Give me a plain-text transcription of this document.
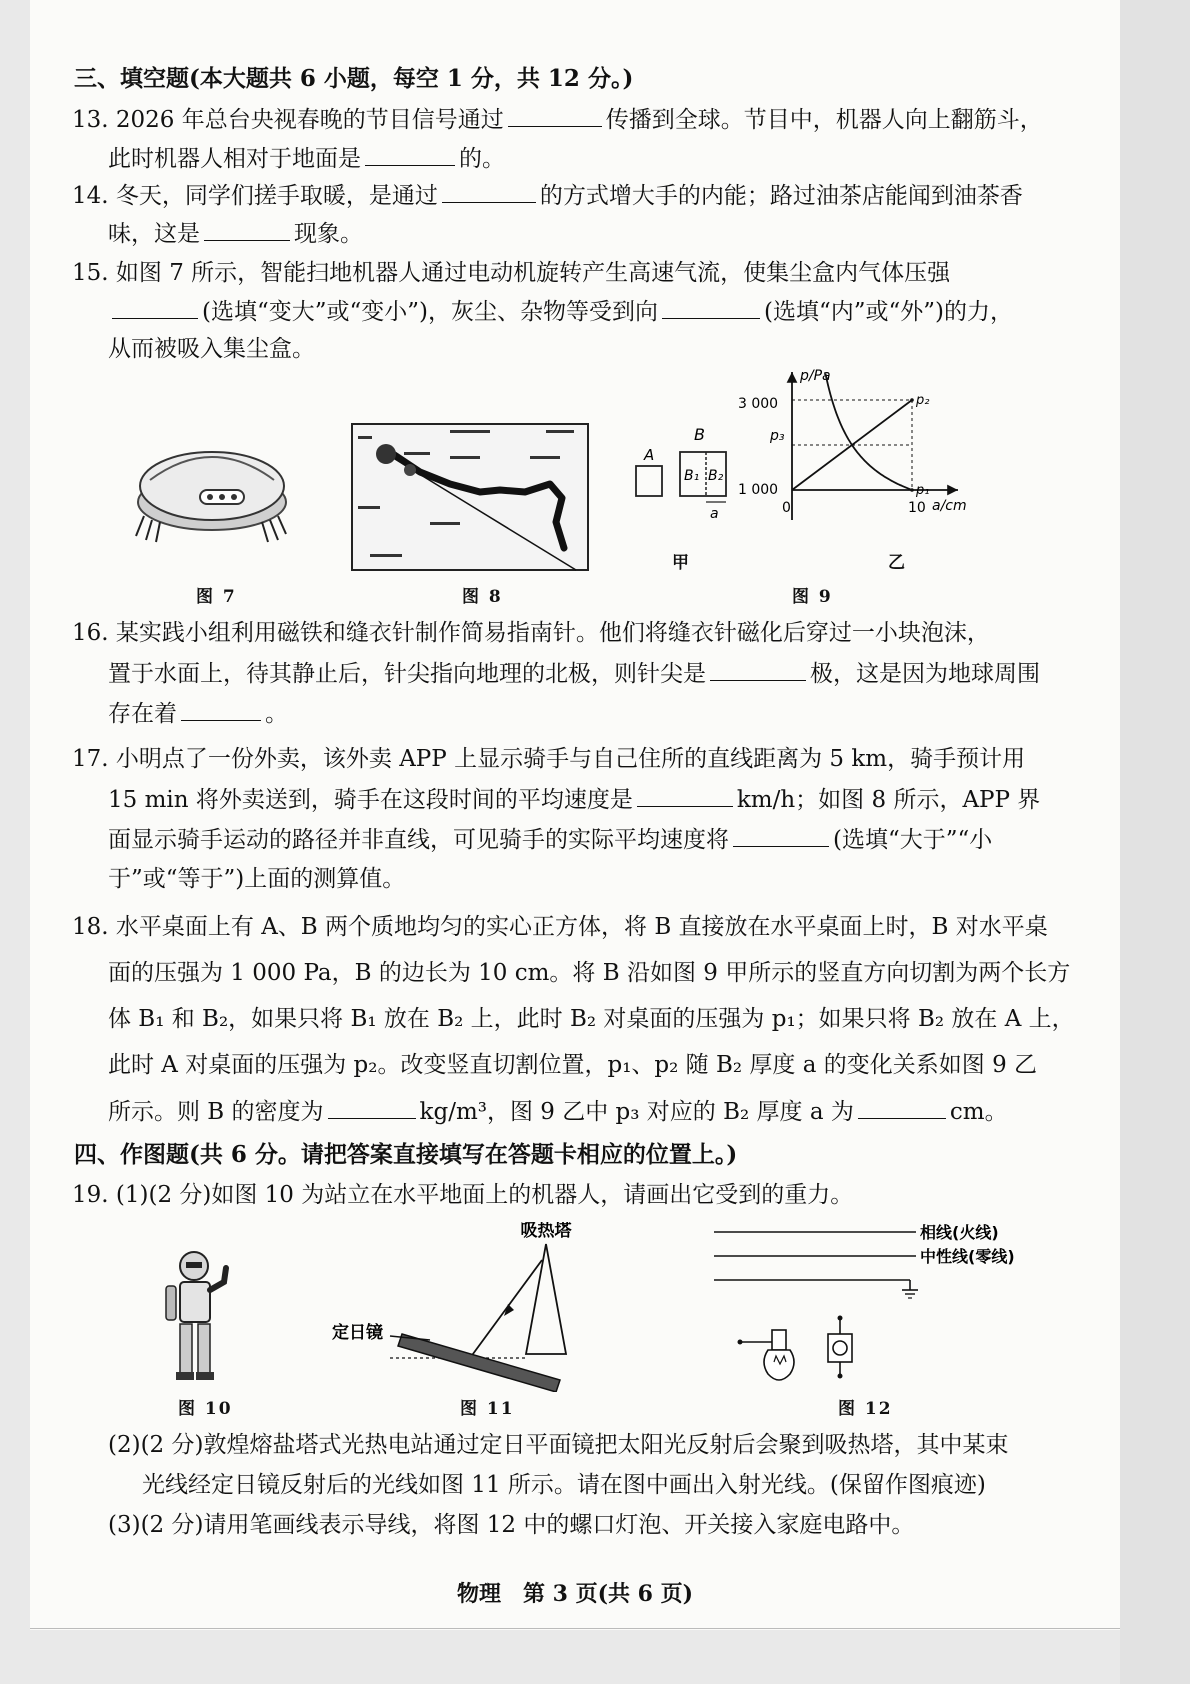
三、填空题(本大题共 6 小题，每空 1 分，共 12 分。)
13. 2026 年总台央视春晚的节目信号通过	传播到全球。节目中，机器人向上翻筋斗，
此时机器人相对于地面是	的。
14. 冬天，同学们搓手取暖，是通过	的方式增大手的内能；路过油茶店能闻到油茶香
味，这是	现象。
15. 如图 7 所示，智能扫地机器人通过电动机旋转产生高速气流，使集尘盒内气体压强
(选填“变大”或“变小”)，灰尘、杂物等受到向	(选填“内”或“外”)的力，
从而被吸入集尘盒。
图 7	图 8
A
B
B₁ B₂
a
甲
p/Pa
a/cm
0	10
1 000
p₃
3 000	p₂
p₁
乙
图 9
16. 某实践小组利用磁铁和缝衣针制作简易指南针。他们将缝衣针磁化后穿过一小块泡沫，
置于水面上，待其静止后，针尖指向地理的北极，则针尖是	极，这是因为地球周围
存在着	。
17. 小明点了一份外卖，该外卖 APP 上显示骑手与自己住所的直线距离为 5 km，骑手预计用
15 min 将外卖送到，骑手在这段时间的平均速度是	km/h；如图 8 所示，APP 界
面显示骑手运动的路径并非直线，可见骑手的实际平均速度将	(选填“大于”“小
于”或“等于”)上面的测算值。
18. 水平桌面上有 A、B 两个质地均匀的实心正方体，将 B 直接放在水平桌面上时，B 对水平桌
面的压强为 1 000 Pa，B 的边长为 10 cm。将 B 沿如图 9 甲所示的竖直方向切割为两个长方
体 B₁ 和 B₂，如果只将 B₁ 放在 B₂ 上，此时 B₂ 对桌面的压强为 p₁；如果只将 B₂ 放在 A 上，
此时 A 对桌面的压强为 p₂。改变竖直切割位置，p₁、p₂ 随 B₂ 厚度 a 的变化关系如图 9 乙
所示。则 B 的密度为	kg/m³，图 9 乙中 p₃ 对应的 B₂ 厚度 a 为	cm。
四、作图题(共 6 分。请把答案直接填写在答题卡相应的位置上。)
19. (1)(2 分)如图 10 为站立在水平地面上的机器人，请画出它受到的重力。
图 10
吸热塔
定日镜
图 11
相线(火线)
中性线(零线)
图 12
(2)(2 分)敦煌熔盐塔式光热电站通过定日平面镜把太阳光反射后会聚到吸热塔，其中某束
光线经定日镜反射后的光线如图 11 所示。请在图中画出入射光线。(保留作图痕迹)
(3)(2 分)请用笔画线表示导线，将图 12 中的螺口灯泡、开关接入家庭电路中。
物理　第 3 页(共 6 页)
